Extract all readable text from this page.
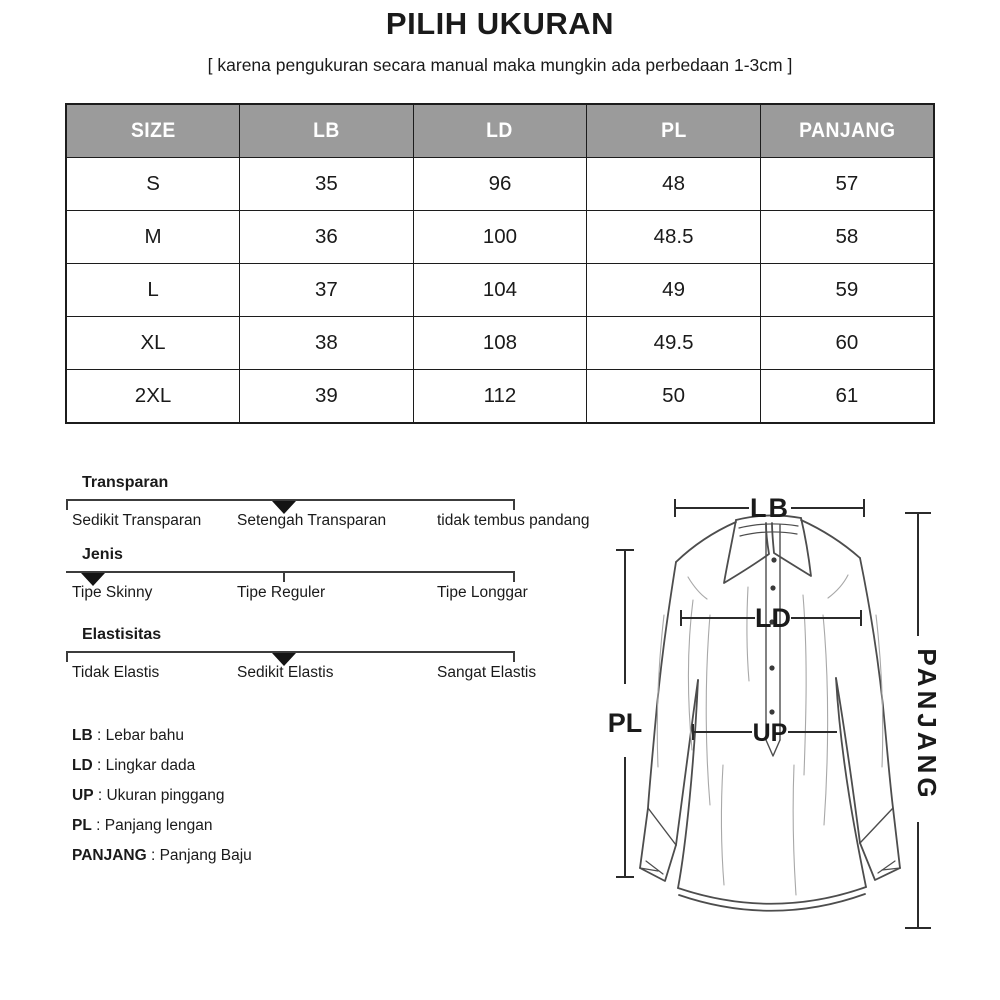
PILIH UKURAN
[ karena pengukuran secara manual maka mungkin ada perbedaan 1-3cm ]
SIZE	LB	LD	PL	PANJANG
S	35	96	48	57
M	36	100	48.5	58
L	37	104	49	59
XL	38	108	49.5	60
2XL	39	112	50	61
Transparan
Sedikit Transparan Setengah Transparan	tidak tembus pandang
Jenis
Tipe Skinny	Tipe Reguler	Tipe Longgar
Elastisitas
Tidak Elastis	Sedikit Elastis	Sangat Elastis
LB : Lebar bahu
LD : Lingkar dada
UP : Ukuran pinggang
PL : Panjang lengan
PANJANG : Panjang Baju
LB
LD
UP
PL	PANJANG
